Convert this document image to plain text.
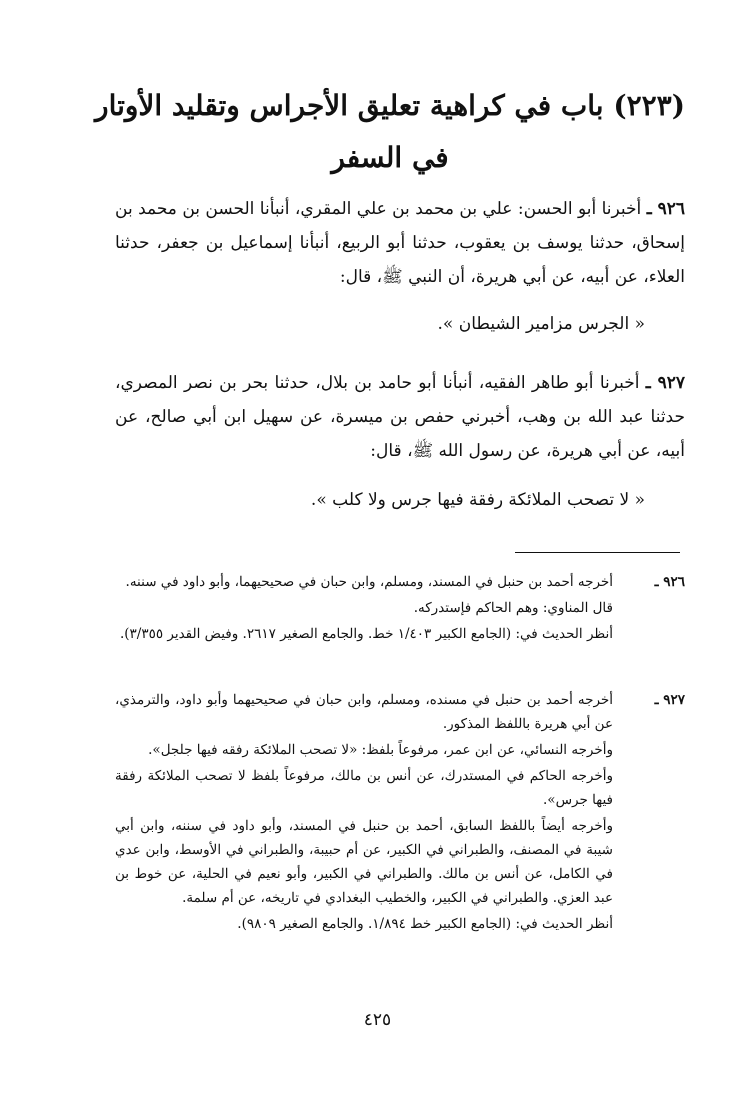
(٢٢٣) باب في كراهية تعليق الأجراس وتقليد الأوتار في السفر
٩٢٦ ـ أخبرنا أبو الحسن: علي بن محمد بن علي المقري، أنبأنا الحسن بن محمد بن إسحاق، حدثنا يوسف بن يعقوب، حدثنا أبو الربيع، أنبأنا إسماعيل بن جعفر، حدثنا العلاء، عن أبيه، عن أبي هريرة، أن النبي ﷺ، قال:
« الجرس مزامير الشيطان ».
٩٢٧ ـ أخبرنا أبو طاهر الفقيه، أنبأنا أبو حامد بن بلال، حدثنا بحر بن نصر المصري، حدثنا عبد الله بن وهب، أخبرني حفص بن ميسرة، عن سهيل ابن أبي صالح، عن أبيه، عن أبي هريرة، عن رسول الله ﷺ، قال:
« لا تصحب الملائكة رفقة فيها جرس ولا كلب ».
٩٢٦ ـ
أخرجه أحمد بن حنبل في المسند، ومسلم، وابن حبان في صحيحيهما، وأبو داود في سننه.
قال المناوي: وهم الحاكم فإستدركه.
أنظر الحديث في: (الجامع الكبير ١/٤٠٣ خط. والجامع الصغير ٢٦١٧. وفيض القدير ٣/٣٥٥).
٩٢٧ ـ
أخرجه أحمد بن حنبل في مسنده، ومسلم، وابن حبان في صحيحيهما وأبو داود، والترمذي، عن أبي هريرة باللفظ المذكور.
وأخرجه النسائي، عن ابن عمر، مرفوعاً بلفظ: «لا تصحب الملائكة رفقه فيها جلجل».
وأخرجه الحاكم في المستدرك، عن أنس بن مالك، مرفوعاً بلفظ لا تصحب الملائكة رفقة فيها جرس».
وأخرجه أيضاً باللفظ السابق، أحمد بن حنبل في المسند، وأبو داود في سننه، وابن أبي شيبة في المصنف، والطبراني في الكبير، عن أم حبيبة، والطبراني في الأوسط، وابن عدي في الكامل، عن أنس بن مالك. والطبراني في الكبير، وأبو نعيم في الحلية، عن خوط بن عبد العزي. والطبراني في الكبير، والخطيب البغدادي في تاريخه، عن أم سلمة.
أنظر الحديث في: (الجامع الكبير خط ١/٨٩٤. والجامع الصغير ٩٨٠٩).
٤٢٥
